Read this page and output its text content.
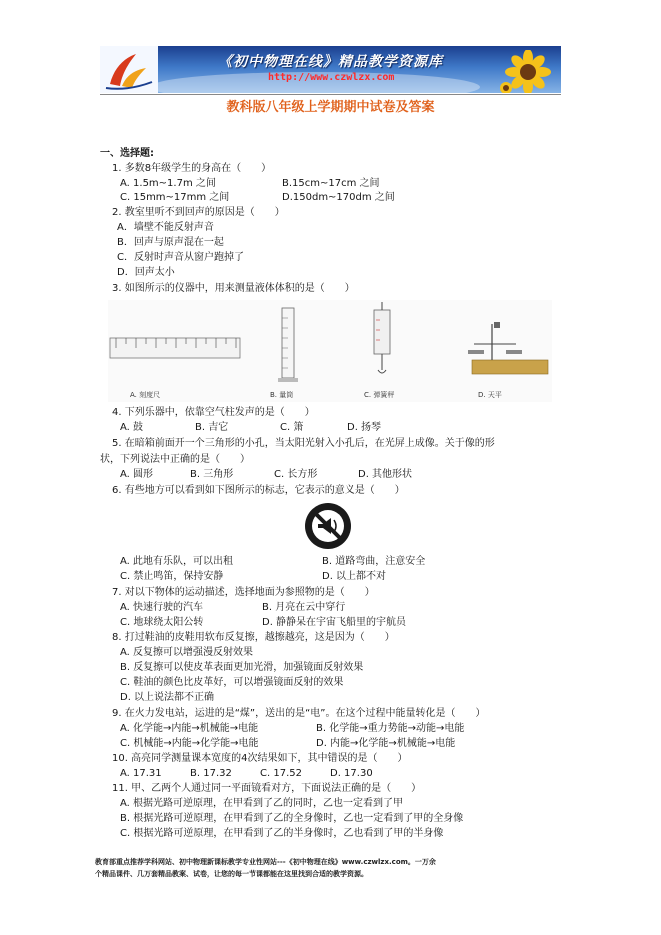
《初中物理在线》精品教学资源库
http://www.czwlzx.com
教科版八年级上学期期中试卷及答案
一、选择题:
1. 多数8年级学生的身高在（　　）
A. 1.5m~1.7m 之间	B.15cm~17cm 之间
C. 15mm~17mm 之间	D.150dm~170dm 之间
2. 教室里听不到回声的原因是（　　）
A．墙壁不能反射声音
B．回声与原声混在一起
C．反射时声音从窗户跑掉了
D．回声太小
3. 如图所示的仪器中，用来测量液体体积的是（　　）
A. 刻度尺	B. 量筒	C. 弹簧秤	D. 天平
4. 下列乐器中，依靠空气柱发声的是（　　）
A. 鼓	B. 吉它	C. 箫	D. 扬琴
5. 在暗箱前面开一个三角形的小孔，当太阳光射入小孔后，在光屏上成像。关于像的形
状，下列说法中正确的是（　　）
A. 圆形	B. 三角形	C. 长方形	D. 其他形状
6. 有些地方可以看到如下图所示的标志，它表示的意义是（　　）
A. 此地有乐队，可以出租	B. 道路弯曲，注意安全
C. 禁止鸣笛，保持安静	D. 以上都不对
7. 对以下物体的运动描述，选择地面为参照物的是（　　）
A. 快速行驶的汽车	B. 月亮在云中穿行
C. 地球绕太阳公转	D. 静静呆在宇宙飞船里的宇航员
8. 打过鞋油的皮鞋用软布反复擦，越擦越亮，这是因为（　　）
A. 反复擦可以增强漫反射效果
B. 反复擦可以使皮革表面更加光滑，加强镜面反射效果
C. 鞋油的颜色比皮革好，可以增强镜面反射的效果
D. 以上说法都不正确
9. 在火力发电站，运进的是“煤”，送出的是“电”。在这个过程中能量转化是（　　）
A. 化学能→内能→机械能→电能	B. 化学能→重力势能→动能→电能
C. 机械能→内能→化学能→电能	D. 内能→化学能→机械能→电能
10. 高亮同学测量课本宽度的4次结果如下，其中错误的是（　　）
A. 17.31	B. 17.32	C. 17.52	D. 17.30
11. 甲、乙两个人通过同一平面镜看对方，下面说法正确的是（　　）
A. 根据光路可逆原理，在甲看到了乙的同时，乙也一定看到了甲
B. 根据光路可逆原理，在甲看到了乙的全身像时，乙也一定看到了甲的全身像
C. 根据光路可逆原理，在甲看到了乙的半身像时，乙也看到了甲的半身像
教育部重点推荐学科网站、初中物理新课标教学专业性网站---《初中物理在线》www.czwlzx.com。一万余
个精品课件、几万套精品教案、试卷，让您的每一节课都能在这里找到合适的教学资源。
